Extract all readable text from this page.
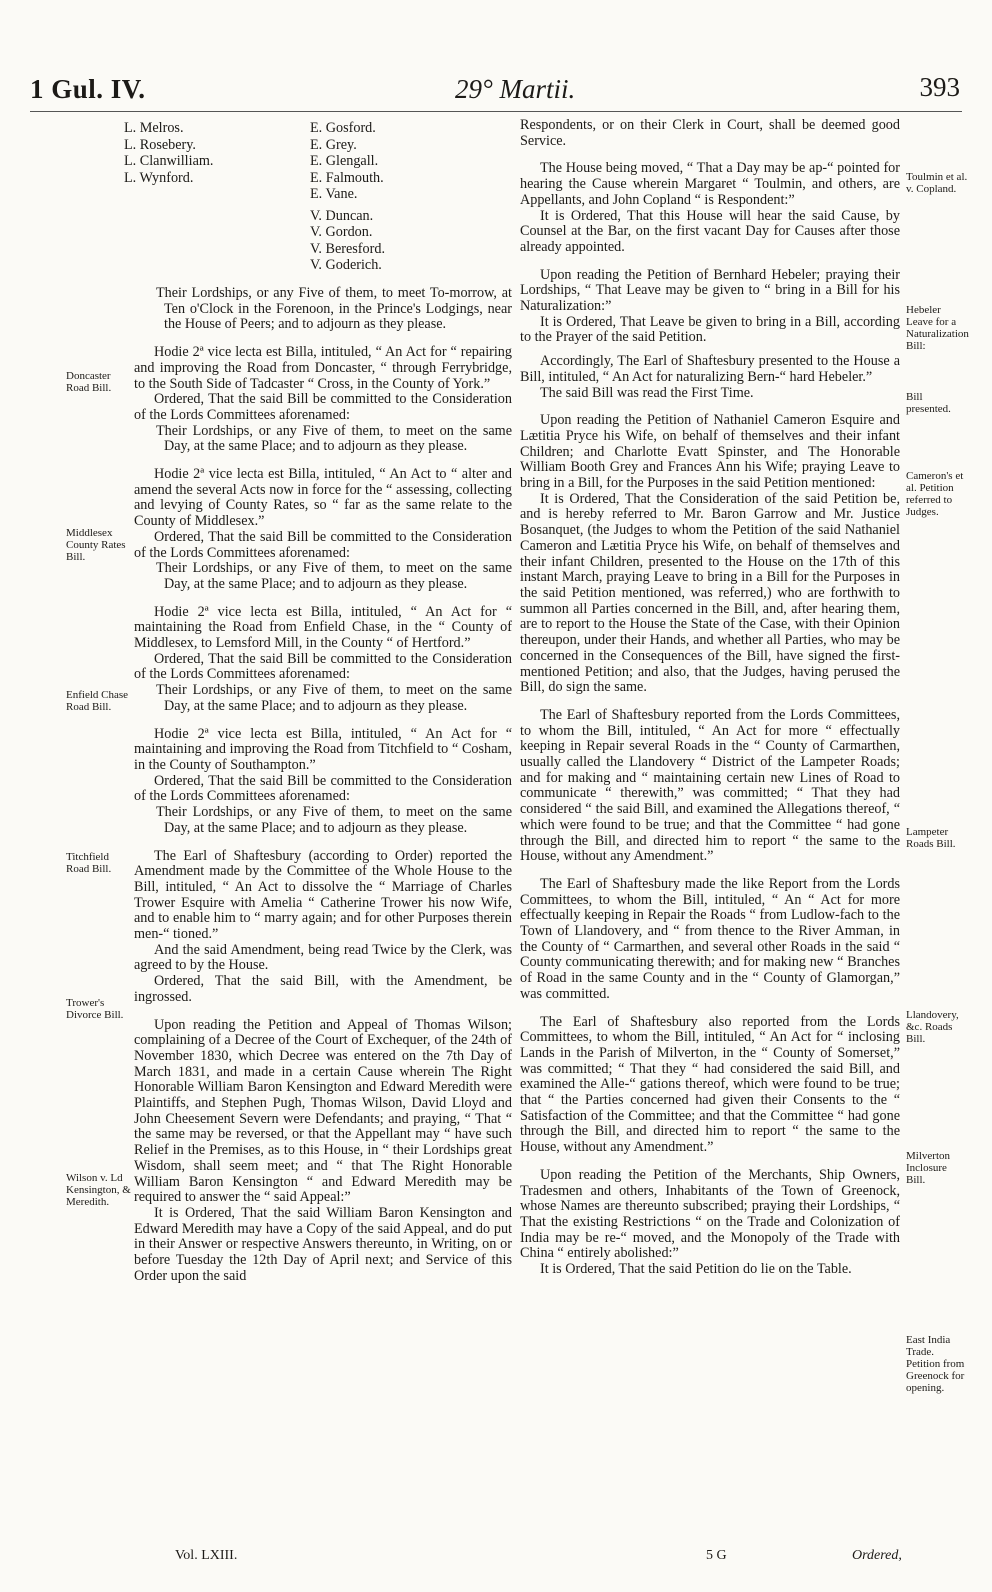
1 Gul. IV.	29° Martii.	393
L. Melros.
L. Rosebery.
L. Clanwilliam.
L. Wynford.
E. Gosford.
E. Grey.
E. Glengall.
E. Falmouth.
E. Vane.
V. Duncan.
V. Gordon.
V. Beresford.
V. Goderich.

Their Lordships, or any Five of them, to meet To-morrow, at Ten o'Clock in the Forenoon, in the Prince's Lodgings, near the House of Peers; and to adjourn as they please.

Hodie 2ª vice lecta est Billa, intituled, “ An Act for “ repairing and improving the Road from Doncaster, “ through Ferrybridge, to the South Side of Tadcaster “ Cross, in the County of York.”

Ordered, That the said Bill be committed to the Consideration of the Lords Committees aforenamed:

Their Lordships, or any Five of them, to meet on the same Day, at the same Place; and to adjourn as they please.

Hodie 2ª vice lecta est Billa, intituled, “ An Act to “ alter and amend the several Acts now in force for the “ assessing, collecting and levying of County Rates, so “ far as the same relate to the County of Middlesex.”

Ordered, That the said Bill be committed to the Consideration of the Lords Committees aforenamed:

Their Lordships, or any Five of them, to meet on the same Day, at the same Place; and to adjourn as they please.

Hodie 2ª vice lecta est Billa, intituled, “ An Act for “ maintaining the Road from Enfield Chase, in the “ County of Middlesex, to Lemsford Mill, in the County “ of Hertford.”

Ordered, That the said Bill be committed to the Consideration of the Lords Committees aforenamed:

Their Lordships, or any Five of them, to meet on the same Day, at the same Place; and to adjourn as they please.

Hodie 2ª vice lecta est Billa, intituled, “ An Act for “ maintaining and improving the Road from Titchfield to “ Cosham, in the County of Southampton.”

Ordered, That the said Bill be committed to the Consideration of the Lords Committees aforenamed:

Their Lordships, or any Five of them, to meet on the same Day, at the same Place; and to adjourn as they please.

The Earl of Shaftesbury (according to Order) reported the Amendment made by the Committee of the Whole House to the Bill, intituled, “ An Act to dissolve the “ Marriage of Charles Trower Esquire with Amelia “ Catherine Trower his now Wife, and to enable him to “ marry again; and for other Purposes therein men-“ tioned.”

And the said Amendment, being read Twice by the Clerk, was agreed to by the House.

Ordered, That the said Bill, with the Amendment, be ingrossed.

Upon reading the Petition and Appeal of Thomas Wilson; complaining of a Decree of the Court of Exchequer, of the 24th of November 1830, which Decree was entered on the 7th Day of March 1831, and made in a certain Cause wherein The Right Honorable William Baron Kensington and Edward Meredith were Plaintiffs, and Stephen Pugh, Thomas Wilson, David Lloyd and John Cheesement Severn were Defendants; and praying, “ That “ the same may be reversed, or that the Appellant may “ have such Relief in the Premises, as to this House, in “ their Lordships great Wisdom, shall seem meet; and “ that The Right Honorable William Baron Kensington “ and Edward Meredith may be required to answer the “ said Appeal:”

It is Ordered, That the said William Baron Kensington and Edward Meredith may have a Copy of the said Appeal, and do put in their Answer or respective Answers thereunto, in Writing, on or before Tuesday the 12th Day of April next; and Service of this Order upon the said

Respondents, or on their Clerk in Court, shall be deemed good Service.

The House being moved, “ That a Day may be ap-“ pointed for hearing the Cause wherein Margaret “ Toulmin, and others, are Appellants, and John Copland “ is Respondent:”

It is Ordered, That this House will hear the said Cause, by Counsel at the Bar, on the first vacant Day for Causes after those already appointed.

Upon reading the Petition of Bernhard Hebeler; praying their Lordships, “ That Leave may be given to “ bring in a Bill for his Naturalization:”

It is Ordered, That Leave be given to bring in a Bill, according to the Prayer of the said Petition.

Accordingly, The Earl of Shaftesbury presented to the House a Bill, intituled, “ An Act for naturalizing Bern-“ hard Hebeler.”

The said Bill was read the First Time.

Upon reading the Petition of Nathaniel Cameron Esquire and Lætitia Pryce his Wife, on behalf of themselves and their infant Children; and Charlotte Evatt Spinster, and The Honorable William Booth Grey and Frances Ann his Wife; praying Leave to bring in a Bill, for the Purposes in the said Petition mentioned:

It is Ordered, That the Consideration of the said Petition be, and is hereby referred to Mr. Baron Garrow and Mr. Justice Bosanquet, (the Judges to whom the Petition of the said Nathaniel Cameron and Lætitia Pryce his Wife, on behalf of themselves and their infant Children, presented to the House on the 17th of this instant March, praying Leave to bring in a Bill for the Purposes in the said Petition mentioned, was referred,) who are forthwith to summon all Parties concerned in the Bill, and, after hearing them, are to report to the House the State of the Case, with their Opinion thereupon, under their Hands, and whether all Parties, who may be concerned in the Consequences of the Bill, have signed the first-mentioned Petition; and also, that the Judges, having perused the Bill, do sign the same.

The Earl of Shaftesbury reported from the Lords Committees, to whom the Bill, intituled, “ An Act for more “ effectually keeping in Repair several Roads in the “ County of Carmarthen, usually called the Llandovery “ District of the Lampeter Roads; and for making and “ maintaining certain new Lines of Road to communicate “ therewith,” was committed; “ That they had considered “ the said Bill, and examined the Allegations thereof, “ which were found to be true; and that the Committee “ had gone through the Bill, and directed him to report “ the same to the House, without any Amendment.”

The Earl of Shaftesbury made the like Report from the Lords Committees, to whom the Bill, intituled, “ An “ Act for more effectually keeping in Repair the Roads “ from Ludlow-fach to the Town of Llandovery, and “ from thence to the River Amman, in the County of “ Carmarthen, and several other Roads in the said “ County communicating therewith; and for making new “ Branches of Road in the same County and in the “ County of Glamorgan,” was committed.

The Earl of Shaftesbury also reported from the Lords Committees, to whom the Bill, intituled, “ An Act for “ inclosing Lands in the Parish of Milverton, in the “ County of Somerset,” was committed; “ That they “ had considered the said Bill, and examined the Alle-“ gations thereof, which were found to be true; that “ the Parties concerned had given their Consents to the “ Satisfaction of the Committee; and that the Committee “ had gone through the Bill, and directed him to report “ the same to the House, without any Amendment.”

Upon reading the Petition of the Merchants, Ship Owners, Tradesmen and others, Inhabitants of the Town of Greenock, whose Names are thereunto subscribed; praying their Lordships, “ That the existing Restrictions “ on the Trade and Colonization of India may be re-“ moved, and the Monopoly of the Trade with China “ entirely abolished:”

It is Ordered, That the said Petition do lie on the Table.

Doncaster Road Bill.
Middlesex County Rates Bill.
Enfield Chase Road Bill.
Titchfield Road Bill.
Trower's Divorce Bill.
Wilson v. Ld Kensington, & Meredith.
Toulmin et al. v. Copland.
Hebeler Leave for a Naturalization Bill:
Bill presented.
Cameron's et al. Petition referred to Judges.
Lampeter Roads Bill.
Llandovery, &c. Roads Bill.
Milverton Inclosure Bill.
East India Trade. Petition from Greenock for opening.
Vol. LXIII.	5 G	Ordered,
